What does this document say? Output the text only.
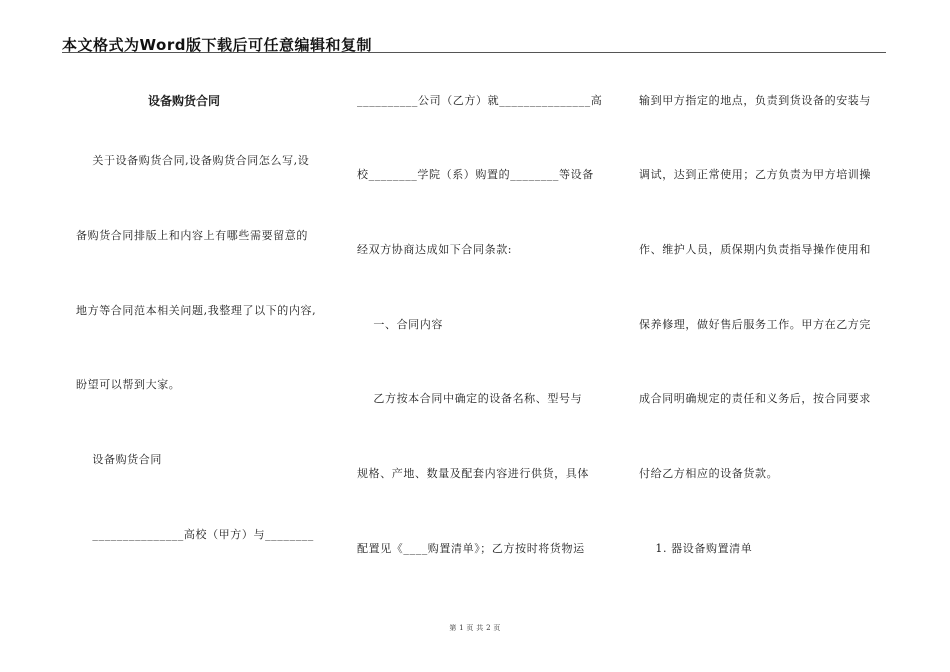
本文格式为Word版下载后可任意编辑和复制
设备购货合同
关于设备购货合同,设备购货合同怎么写,设
备购货合同排版上和内容上有哪些需要留意的
地方等合同范本相关问题,我整理了以下的内容,
盼望可以帮到大家。
设备购货合同
_______________高校（甲方）与________
__________公司（乙方）就_______________高
校________学院（系）购置的________等设备
经双方协商达成如下合同条款:
一、合同内容
乙方按本合同中确定的设备名称、型号与
规格、产地、数量及配套内容进行供货，具体
配置见《____购置清单》；乙方按时将货物运
输到甲方指定的地点，负责到货设备的安装与
调试，达到正常使用；乙方负责为甲方培训操
作、维护人员，质保期内负责指导操作使用和
保养修理，做好售后服务工作。甲方在乙方完
成合同明确规定的责任和义务后，按合同要求
付给乙方相应的设备货款。
1. 器设备购置清单
第 1 页 共 2 页
